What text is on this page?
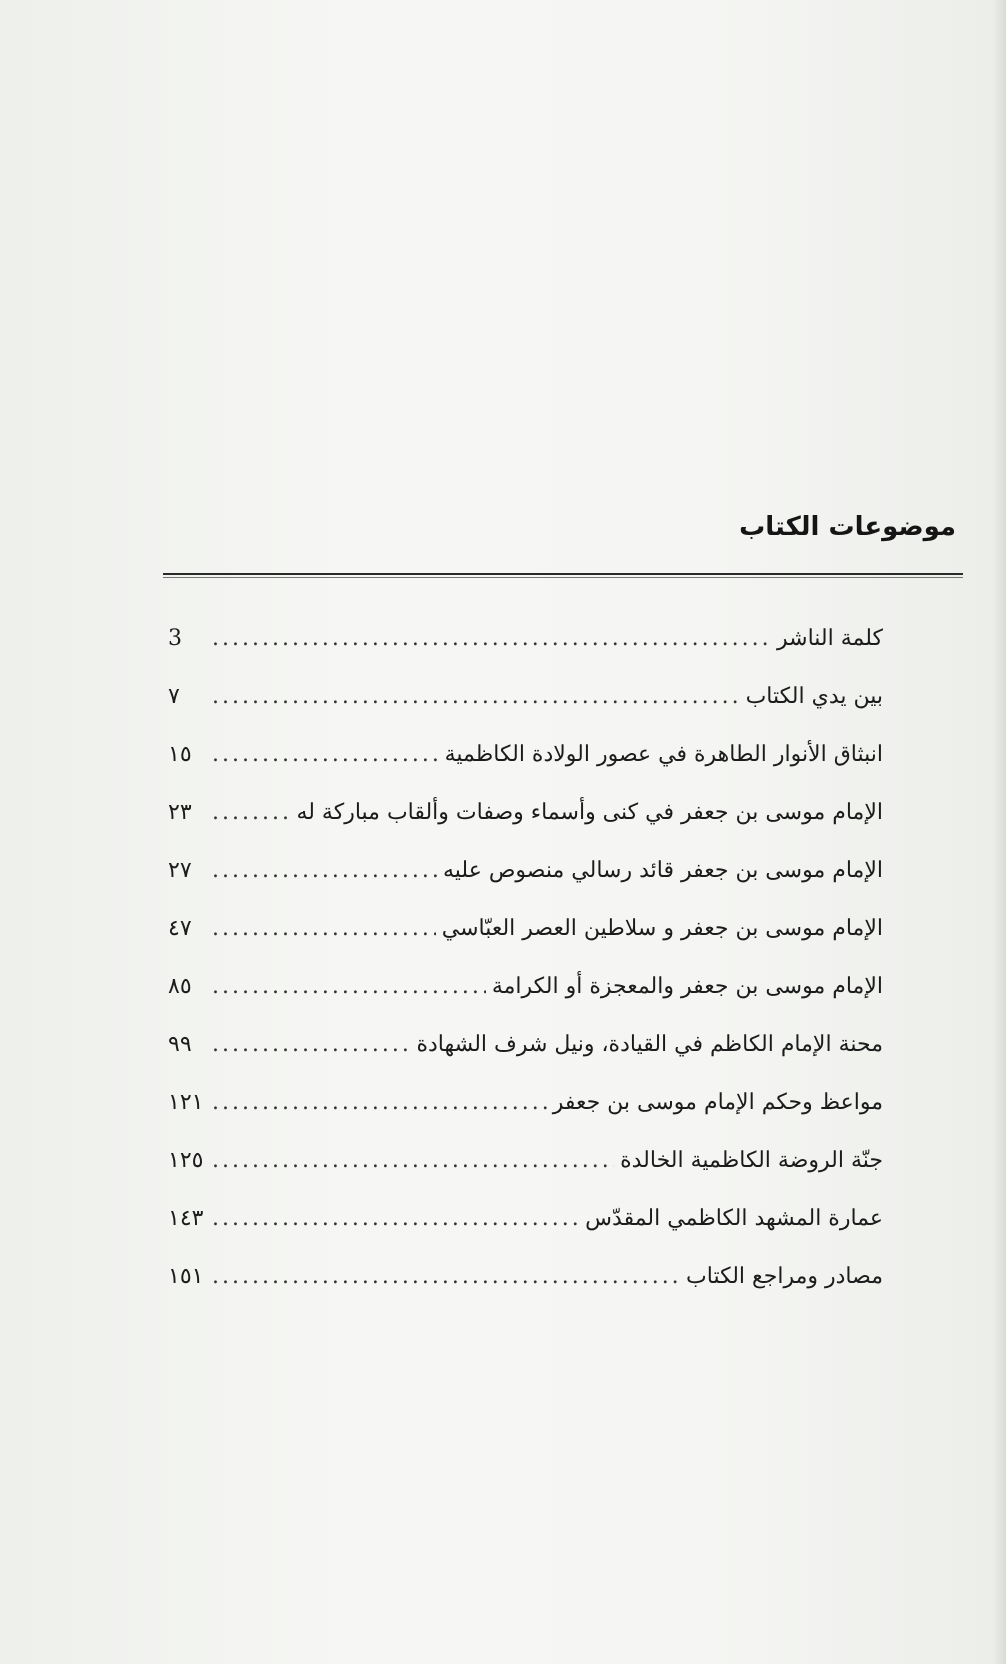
موضوعات الكتاب
كلمة الناشر
.....
3
بين يدي الكتاب
.....
٧
انبثاق الأنوار الطاهرة في عصور الولادة الكاظمية
.....
١٥
الإمام موسى بن جعفر في كنى وأسماء وصفات وألقاب مباركة له
.....
٢٣
الإمام موسى بن جعفر قائد رسالي منصوص عليه
.....
٢٧
الإمام موسى بن جعفر و سلاطين العصر العبّاسي
.....
٤٧
الإمام موسى بن جعفر والمعجزة أو الكرامة
.....
٨٥
محنة الإمام الكاظم في القيادة، ونيل شرف الشهادة
.....
٩٩
مواعظ وحكم الإمام موسى بن جعفر
.....
١٢١
جنّة الروضة الكاظمية الخالدة
.....
١٢٥
عمارة المشهد الكاظمي المقدّس
.....
١٤٣
مصادر ومراجع الكتاب
.....
١٥١
